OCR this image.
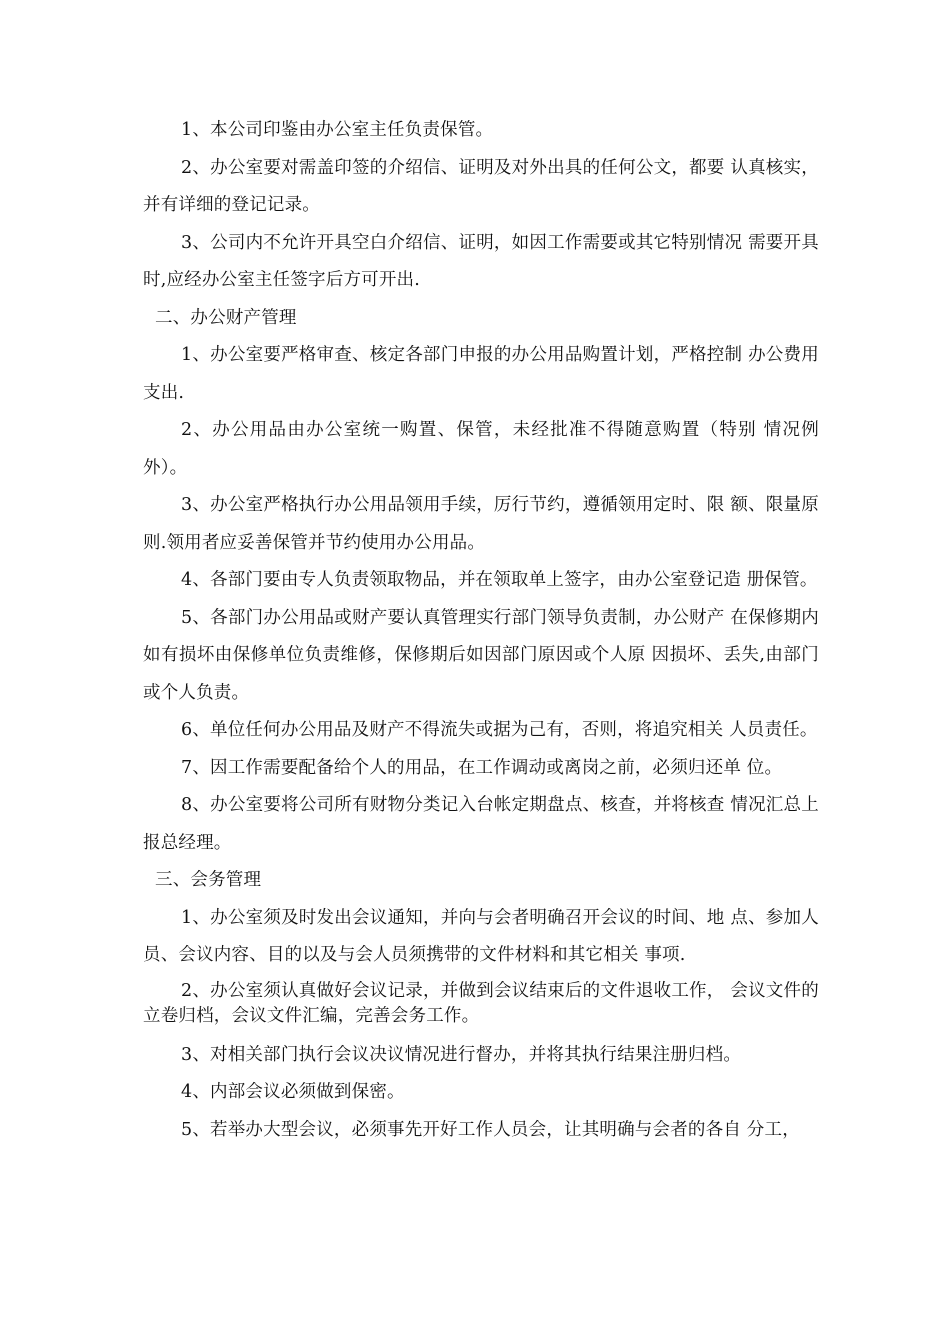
1、本公司印鉴由办公室主任负责保管。

2、办公室要对需盖印签的介绍信、证明及对外出具的任何公文，都要 认真核实，并有详细的登记记录。

3、公司内不允许开具空白介绍信、证明，如因工作需要或其它特别情况 需要开具时,应经办公室主任签字后方可开出.

二、办公财产管理

1、办公室要严格审查、核定各部门申报的办公用品购置计划，严格控制 办公费用支出.

2、办公用品由办公室统一购置、保管，未经批准不得随意购置（特别 情况例外）。

3、办公室严格执行办公用品领用手续，厉行节约，遵循领用定时、限 额、限量原则.领用者应妥善保管并节约使用办公用品。

4、各部门要由专人负责领取物品，并在领取单上签字，由办公室登记造 册保管。

5、各部门办公用品或财产要认真管理实行部门领导负责制，办公财产 在保修期内如有损坏由保修单位负责维修，保修期后如因部门原因或个人原 因损坏、丢失,由部门或个人负责。

6、单位任何办公用品及财产不得流失或据为己有，否则，将追究相关 人员责任。

7、因工作需要配备给个人的用品，在工作调动或离岗之前，必须归还单 位。

8、办公室要将公司所有财物分类记入台帐定期盘点、核查，并将核查 情况汇总上报总经理。

三、会务管理

1、办公室须及时发出会议通知，并向与会者明确召开会议的时间、地 点、参加人员、会议内容、目的以及与会人员须携带的文件材料和其它相关 事项.

2、办公室须认真做好会议记录，并做到会议结束后的文件退收工作， 会议文件的立卷归档，会议文件汇编，完善会务工作。

3、对相关部门执行会议决议情况进行督办，并将其执行结果注册归档。

4、内部会议必须做到保密。

5、若举办大型会议，必须事先开好工作人员会，让其明确与会者的各自 分工，
